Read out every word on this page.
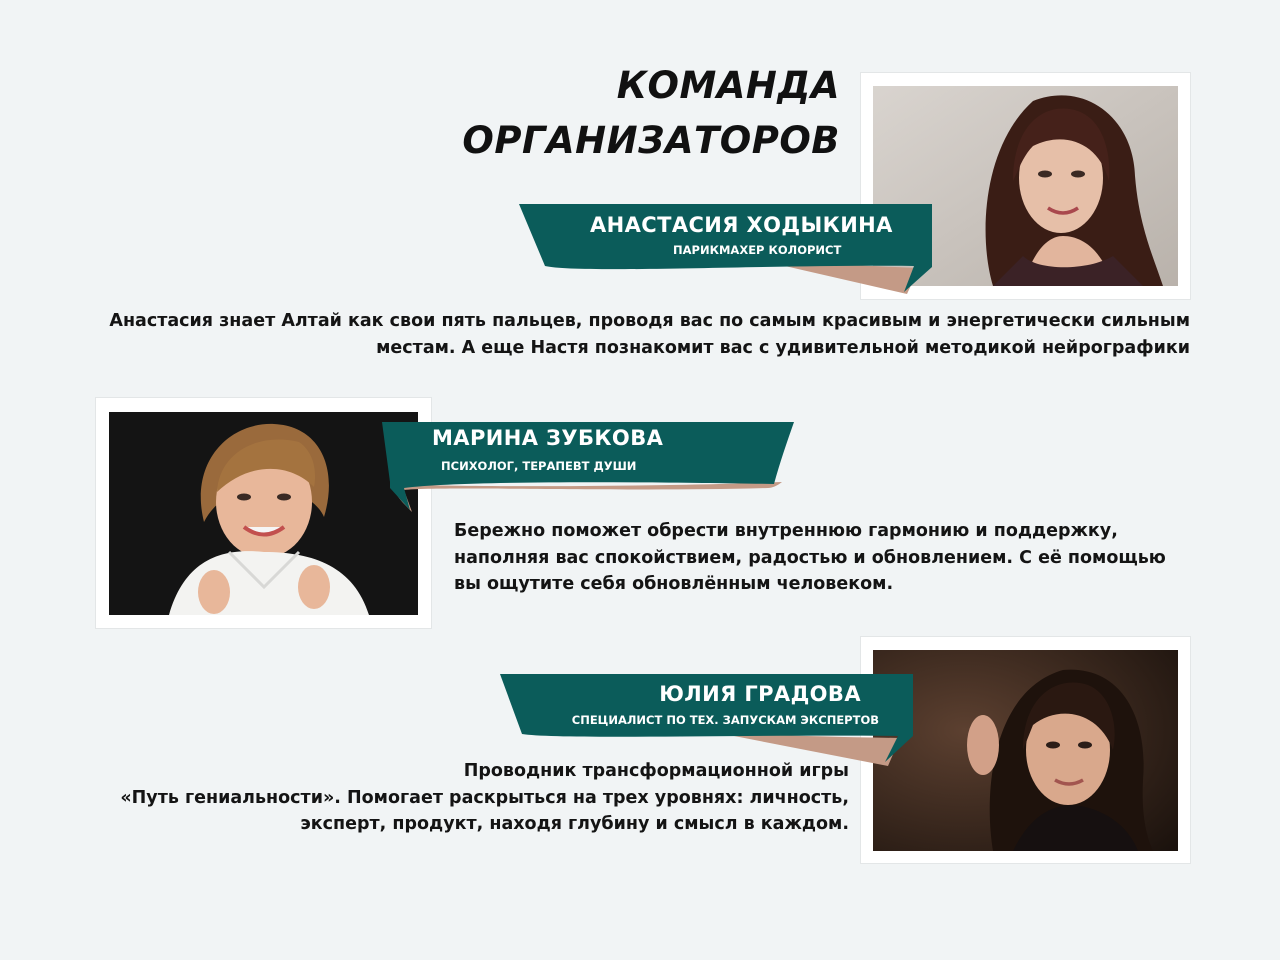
КОМАНДА
ОРГАНИЗАТОРОВ
АНАСТАСИЯ ХОДЫКИНА
ПАРИКМАХЕР КОЛОРИСТ
Анастасия знает Алтай как свои пять пальцев, проводя вас по самым красивым и энергетически сильным
местам. А еще Настя познакомит вас с удивительной методикой нейрографики
МАРИНА ЗУБКОВА
ПСИХОЛОГ, ТЕРАПЕВТ ДУШИ
Бережно поможет обрести внутреннюю гармонию и поддержку,
наполняя вас спокойствием, радостью и обновлением. С её помощью
вы ощутите себя обновлённым человеком.
ЮЛИЯ ГРАДОВА
СПЕЦИАЛИСТ ПО ТЕХ. ЗАПУСКАМ ЭКСПЕРТОВ
Проводник трансформационной игры
«Путь гениальности». Помогает раскрыться на трех уровнях: личность,
эксперт, продукт, находя глубину и смысл в каждом.
